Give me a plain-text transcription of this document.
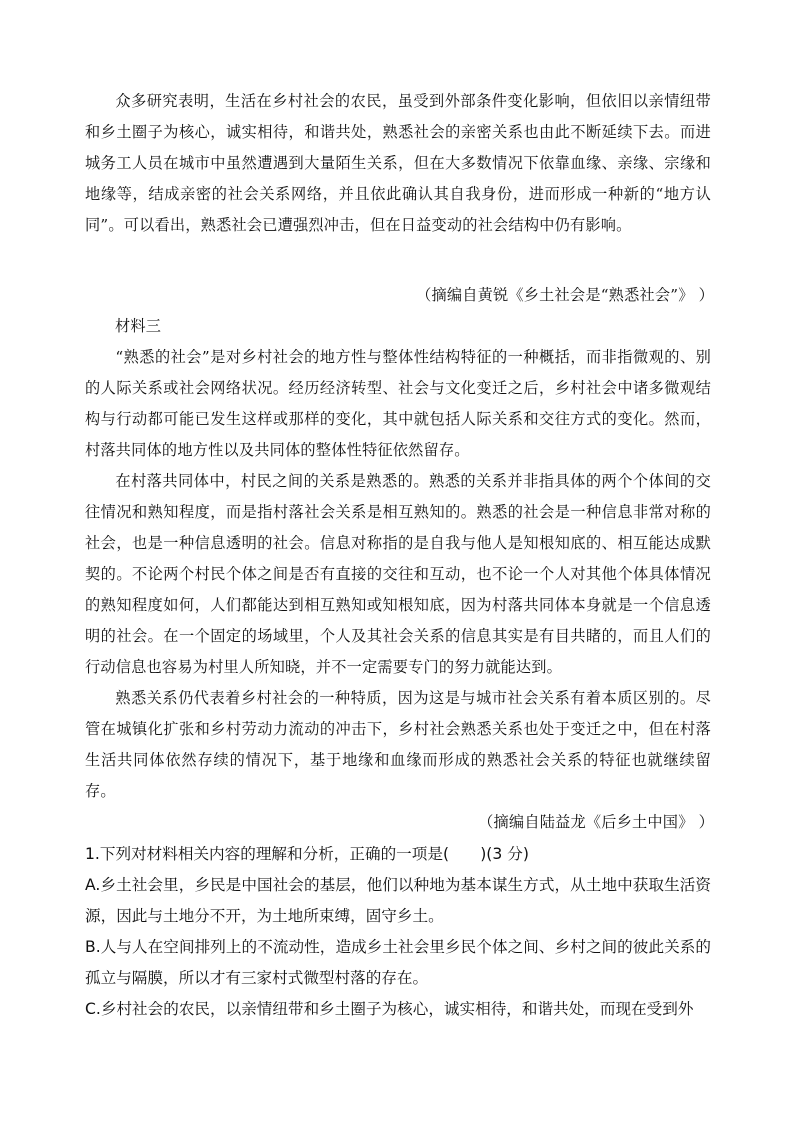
众多研究表明，生活在乡村社会的农民，虽受到外部条件变化影响，但依旧以亲情纽带和乡土圈子为核心，诚实相待，和谐共处，熟悉社会的亲密关系也由此不断延续下去。而进城务工人员在城市中虽然遭遇到大量陌生关系，但在大多数情况下依靠血缘、亲缘、宗缘和地缘等，结成亲密的社会关系网络，并且依此确认其自我身份，进而形成一种新的“地方认同”。可以看出，熟悉社会已遭强烈冲击，但在日益变动的社会结构中仍有影响。

（摘编自黄锐《乡土社会是“熟悉社会”》 ）

材料三

“熟悉的社会”是对乡村社会的地方性与整体性结构特征的一种概括，而非指微观的、别的人际关系或社会网络状况。经历经济转型、社会与文化变迁之后，乡村社会中诸多微观结构与行动都可能已发生这样或那样的变化，其中就包括人际关系和交往方式的变化。然而，村落共同体的地方性以及共同体的整体性特征依然留存。

在村落共同体中，村民之间的关系是熟悉的。熟悉的关系并非指具体的两个个体间的交往情况和熟知程度，而是指村落社会关系是相互熟知的。熟悉的社会是一种信息非常对称的社会，也是一种信息透明的社会。信息对称指的是自我与他人是知根知底的、相互能达成默契的。不论两个村民个体之间是否有直接的交往和互动，也不论一个人对其他个体具体情况的熟知程度如何，人们都能达到相互熟知或知根知底，因为村落共同体本身就是一个信息透明的社会。在一个固定的场域里，个人及其社会关系的信息其实是有目共睹的，而且人们的行动信息也容易为村里人所知晓，并不一定需要专门的努力就能达到。

熟悉关系仍代表着乡村社会的一种特质，因为这是与城市社会关系有着本质区别的。尽管在城镇化扩张和乡村劳动力流动的冲击下，乡村社会熟悉关系也处于变迁之中，但在村落生活共同体依然存续的情况下，基于地缘和血缘而形成的熟悉社会关系的特征也就继续留存。

（摘编自陆益龙《后乡土中国》 ）

1.下列对材料相关内容的理解和分析，正确的一项是(　　)(3 分)

A.乡土社会里，乡民是中国社会的基层，他们以种地为基本谋生方式，从土地中获取生活资源，因此与土地分不开，为土地所束缚，固守乡土。

B.人与人在空间排列上的不流动性，造成乡土社会里乡民个体之间、乡村之间的彼此关系的孤立与隔膜，所以才有三家村式微型村落的存在。

C.乡村社会的农民，以亲情纽带和乡土圈子为核心，诚实相待，和谐共处，而现在受到外
